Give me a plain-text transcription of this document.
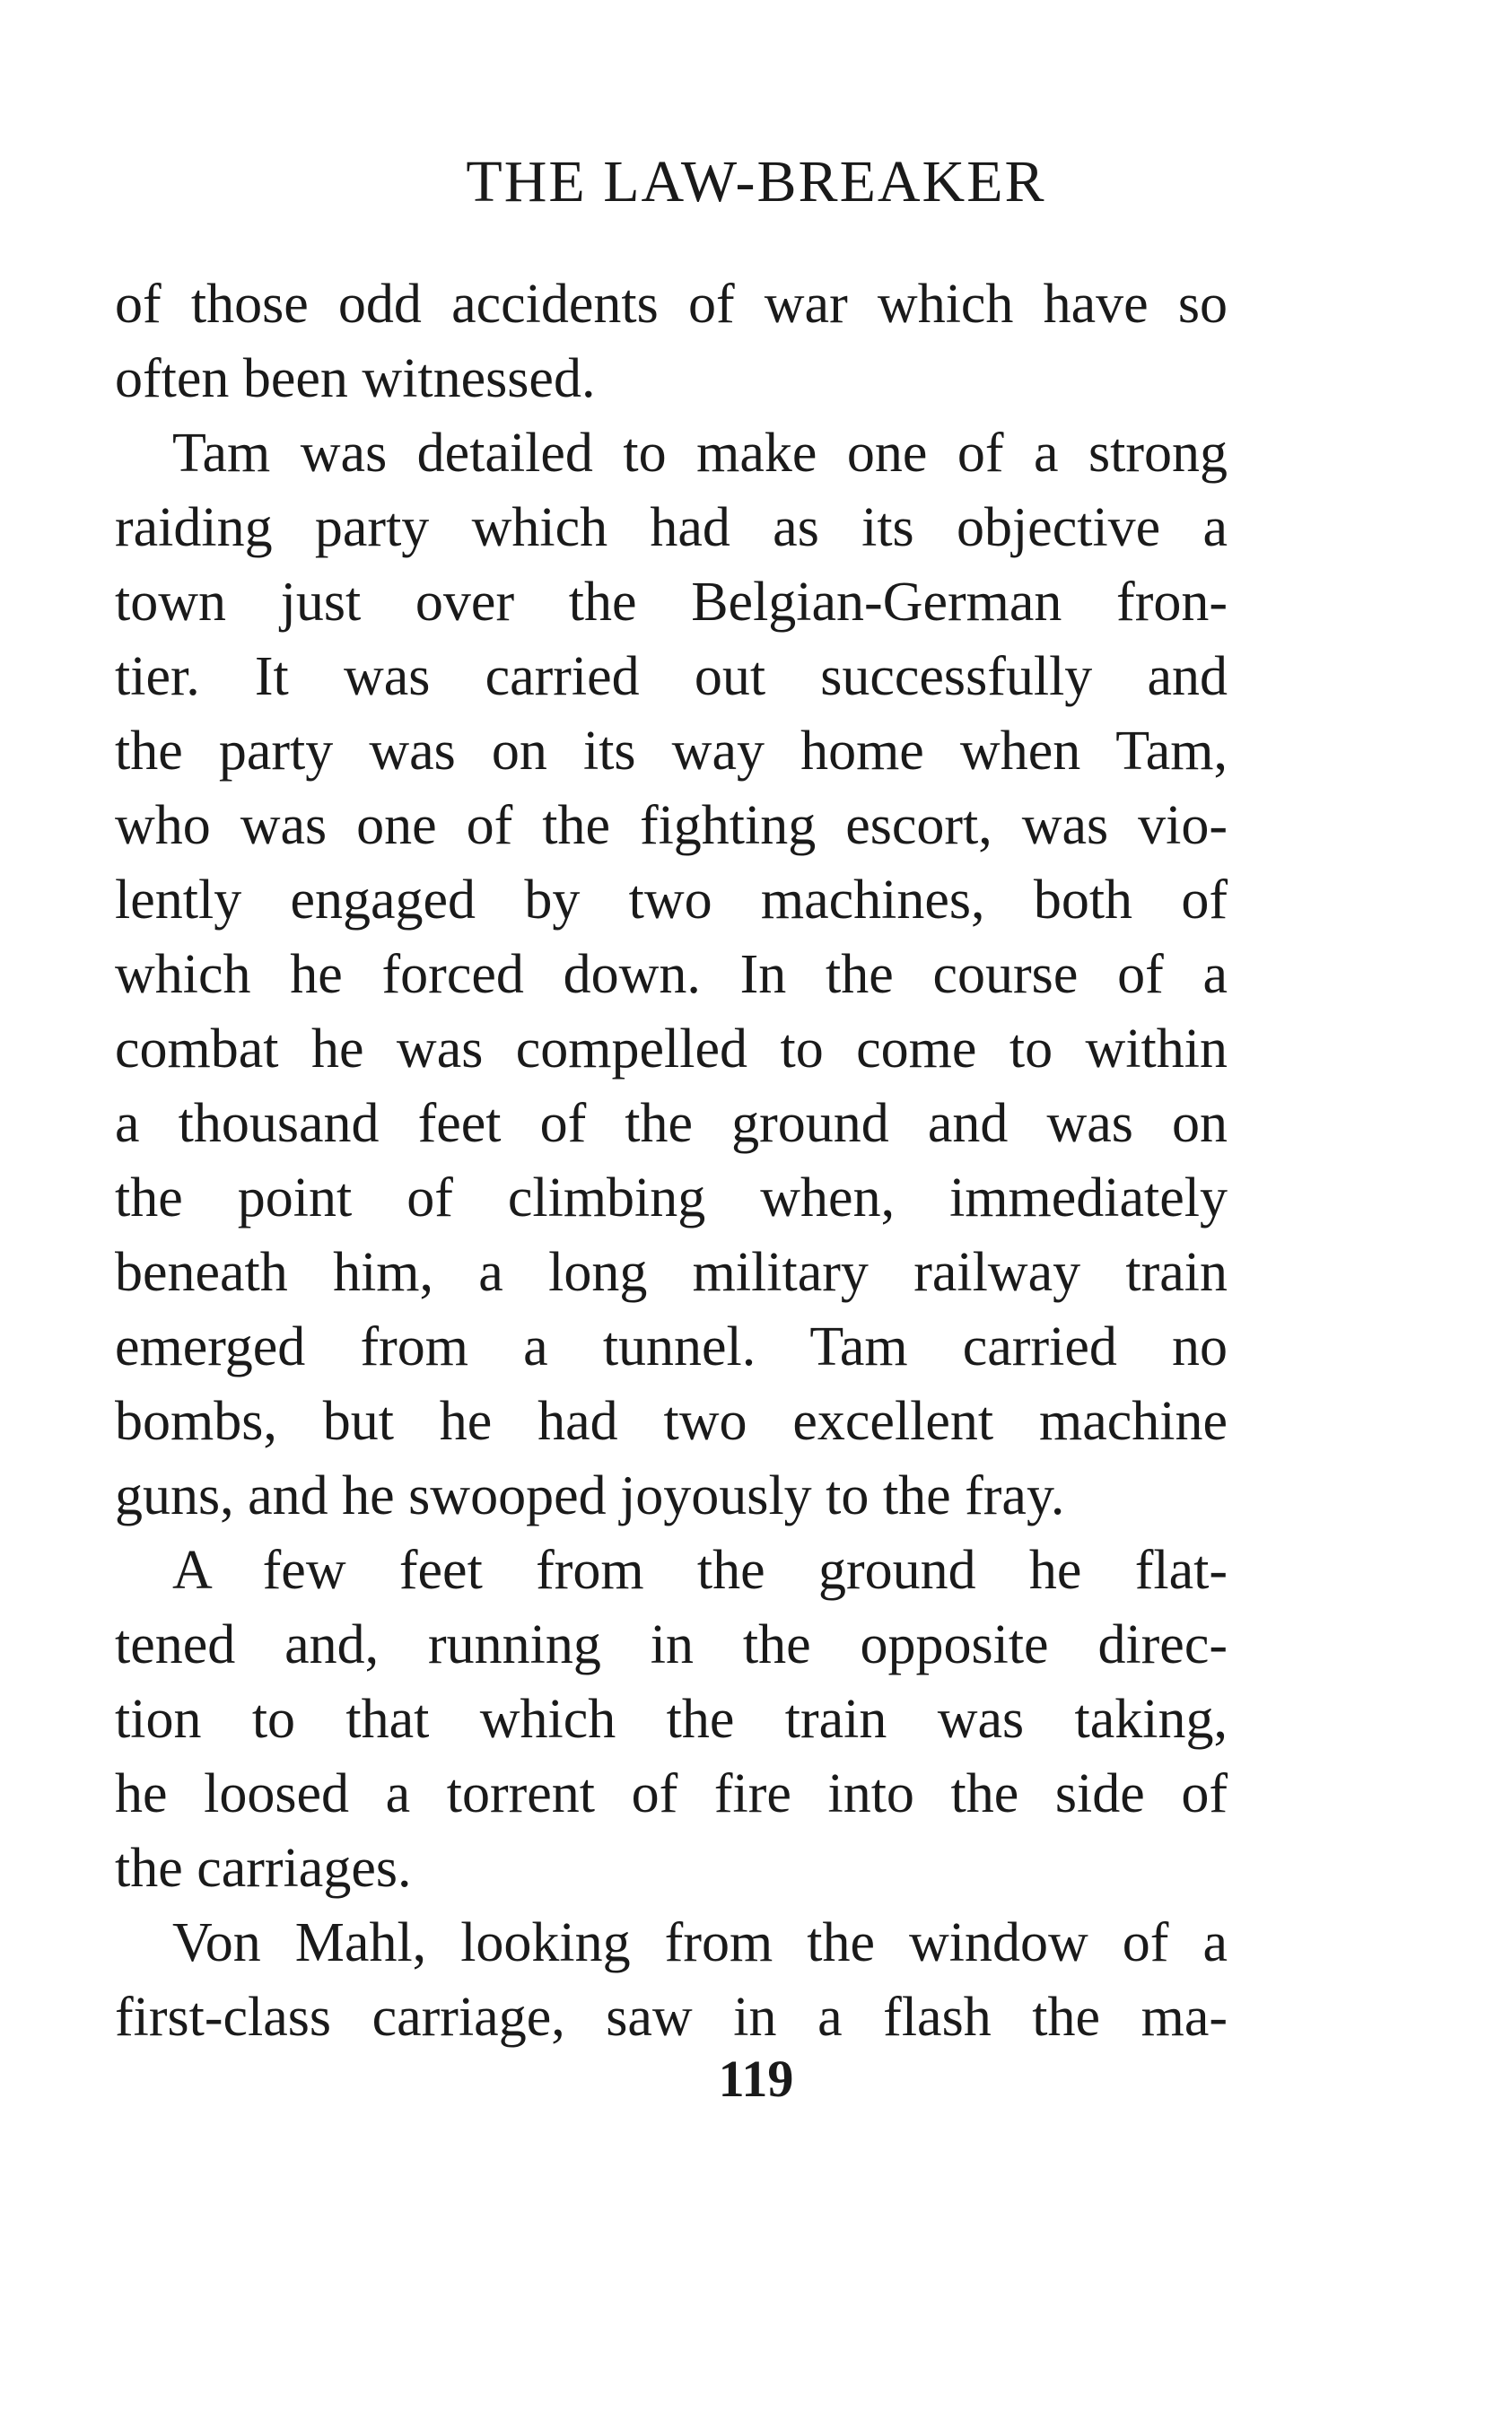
THE LAW-BREAKER
of those odd accidents of war which have so
often been witnessed.
Tam was detailed to make one of a strong
raiding party which had as its objective a
town just over the Belgian-German fron-
tier. It was carried out successfully and
the party was on its way home when Tam,
who was one of the fighting escort, was vio-
lently engaged by two machines, both of
which he forced down. In the course of a
combat he was compelled to come to within
a thousand feet of the ground and was on
the point of climbing when, immediately
beneath him, a long military railway train
emerged from a tunnel. Tam carried no
bombs, but he had two excellent machine
guns, and he swooped joyously to the fray.
A few feet from the ground he flat-
tened and, running in the opposite direc-
tion to that which the train was taking,
he loosed a torrent of fire into the side of
the carriages.
Von Mahl, looking from the window of a
first-class carriage, saw in a flash the ma-
119
